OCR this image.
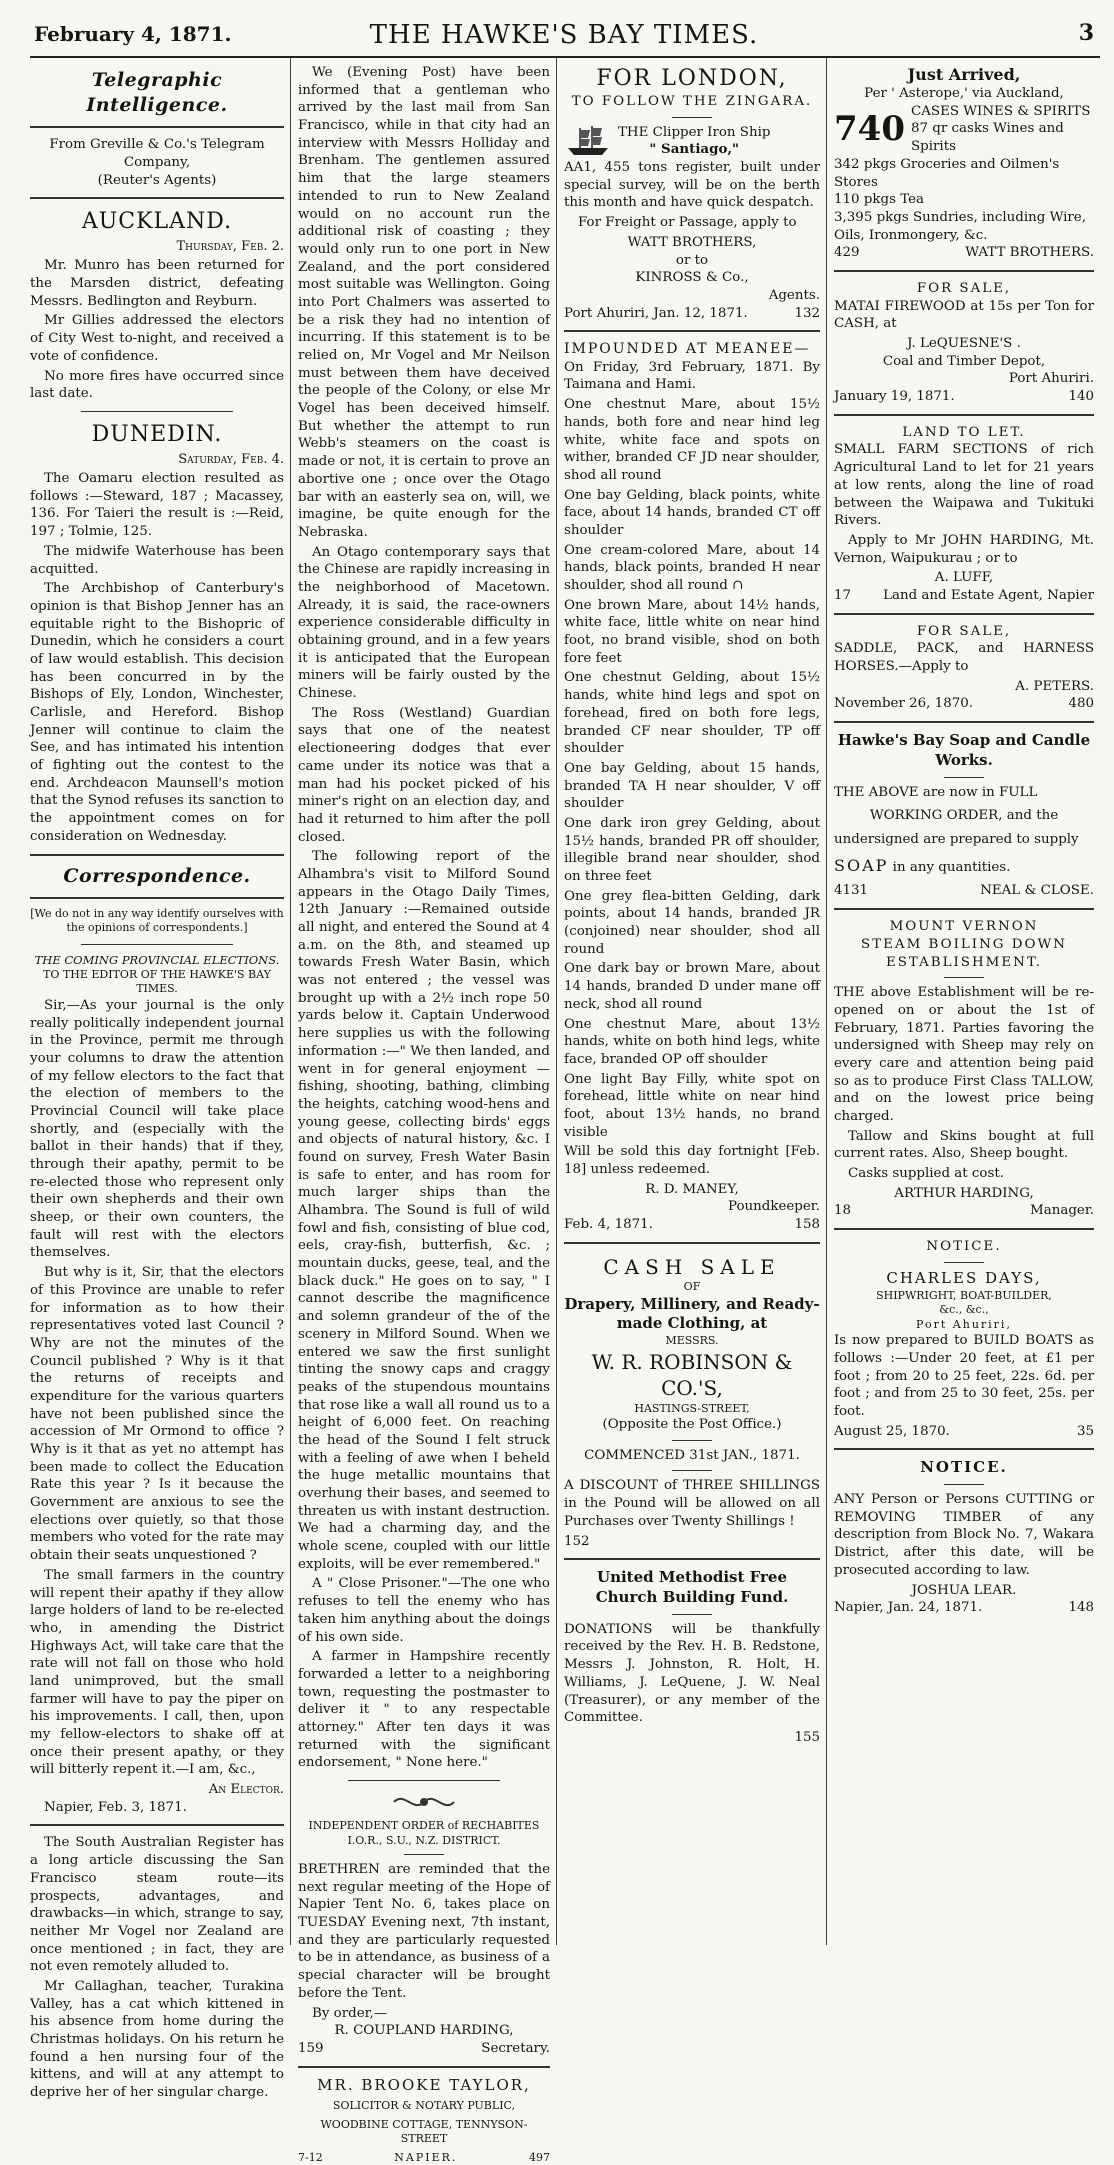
February 4, 1871.	THE HAWKE'S BAY TIMES.	3
Telegraphic Intelligence.
From Greville & Co.'s Telegram Company,
(Reuter's Agents)
AUCKLAND.
Thursday, Feb. 2.

Mr. Munro has been returned for the Marsden district, defeating Messrs. Bedlington and Reyburn.

Mr Gillies addressed the electors of City West to-night, and received a vote of confidence.

No more fires have occurred since last date.

DUNEDIN.
Saturday, Feb. 4.

The Oamaru election resulted as follows :—Steward, 187 ; Macassey, 136. For Taieri the result is :—Reid, 197 ; Tolmie, 125.

The midwife Waterhouse has been acquitted.

The Archbishop of Canterbury's opinion is that Bishop Jenner has an equitable right to the Bishopric of Dunedin, which he considers a court of law would establish. This decision has been concurred in by the Bishops of Ely, London, Winchester, Carlisle, and Hereford. Bishop Jenner will continue to claim the See, and has intimated his intention of fighting out the contest to the end. Archdeacon Maunsell's motion that the Synod refuses its sanction to the appointment comes on for consideration on Wednesday.

Correspondence.
[We do not in any way identify ourselves with the opinions of correspondents.]
THE COMING PROVINCIAL ELECTIONS.
TO THE EDITOR OF THE HAWKE'S BAY TIMES.

Sir,—As your journal is the only really politically independent journal in the Province, permit me through your columns to draw the attention of my fellow electors to the fact that the election of members to the Provincial Council will take place shortly, and (especially with the ballot in their hands) that if they, through their apathy, permit to be re-elected those who represent only their own shepherds and their own sheep, or their own counters, the fault will rest with the electors themselves.

But why is it, Sir, that the electors of this Province are unable to refer for information as to how their representatives voted last Council ? Why are not the minutes of the Council published ? Why is it that the returns of receipts and expenditure for the various quarters have not been published since the accession of Mr Ormond to office ? Why is it that as yet no attempt has been made to collect the Education Rate this year ? Is it because the Government are anxious to see the elections over quietly, so that those members who voted for the rate may obtain their seats unquestioned ?

The small farmers in the country will repent their apathy if they allow large holders of land to be re-elected who, in amending the District Highways Act, will take care that the rate will not fall on those who hold land unimproved, but the small farmer will have to pay the piper on his improvements. I call, then, upon my fellow-electors to shake off at once their present apathy, or they will bitterly repent it.—I am, &c.,

An Elector.
Napier, Feb. 3, 1871.

The South Australian Register has a long article discussing the San Francisco steam route—its prospects, advantages, and drawbacks—in which, strange to say, neither Mr Vogel nor Zealand are once mentioned ; in fact, they are not even remotely alluded to.

Mr Callaghan, teacher, Turakina Valley, has a cat which kittened in his absence from home during the Christmas holidays. On his return he found a hen nursing four of the kittens, and will at any attempt to deprive her of her singular charge.

We (Evening Post) have been informed that a gentleman who arrived by the last mail from San Francisco, while in that city had an interview with Messrs Holliday and Brenham. The gentlemen assured him that the large steamers intended to run to New Zealand would on no account run the additional risk of coasting ; they would only run to one port in New Zealand, and the port considered most suitable was Wellington. Going into Port Chalmers was asserted to be a risk they had no intention of incurring. If this statement is to be relied on, Mr Vogel and Mr Neilson must between them have deceived the people of the Colony, or else Mr Vogel has been deceived himself. But whether the attempt to run Webb's steamers on the coast is made or not, it is certain to prove an abortive one ; once over the Otago bar with an easterly sea on, will, we imagine, be quite enough for the Nebraska.

An Otago contemporary says that the Chinese are rapidly increasing in the neighborhood of Macetown. Already, it is said, the race-owners experience considerable difficulty in obtaining ground, and in a few years it is anticipated that the European miners will be fairly ousted by the Chinese.

The Ross (Westland) Guardian says that one of the neatest electioneering dodges that ever came under its notice was that a man had his pocket picked of his miner's right on an election day, and had it returned to him after the poll closed.

The following report of the Alhambra's visit to Milford Sound appears in the Otago Daily Times, 12th January :—Remained outside all night, and entered the Sound at 4 a.m. on the 8th, and steamed up towards Fresh Water Basin, which was not entered ; the vessel was brought up with a 2½ inch rope 50 yards below it. Captain Underwood here supplies us with the following information :—" We then landed, and went in for general enjoyment — fishing, shooting, bathing, climbing the heights, catching wood-hens and young geese, collecting birds' eggs and objects of natural history, &c. I found on survey, Fresh Water Basin is safe to enter, and has room for much larger ships than the Alhambra. The Sound is full of wild fowl and fish, consisting of blue cod, eels, cray-fish, butterfish, &c. ; mountain ducks, geese, teal, and the black duck." He goes on to say, " I cannot describe the magnificence and solemn grandeur of the of the scenery in Milford Sound. When we entered we saw the first sunlight tinting the snowy caps and craggy peaks of the stupendous mountains that rose like a wall all round us to a height of 6,000 feet. On reaching the head of the Sound I felt struck with a feeling of awe when I beheld the huge metallic mountains that overhung their bases, and seemed to threaten us with instant destruction. We had a charming day, and the whole scene, coupled with our little exploits, will be ever remembered."

A " Close Prisoner."—The one who refuses to tell the enemy who has taken him anything about the doings of his own side.

A farmer in Hampshire recently forwarded a letter to a neighboring town, requesting the postmaster to deliver it " to any respectable attorney." After ten days it was returned with the significant endorsement, " None here."

INDEPENDENT ORDER of RECHABITES
I.O.R., S.U., N.Z. DISTRICT.

BRETHREN are reminded that the next regular meeting of the Hope of Napier Tent No. 6, takes place on TUESDAY Evening next, 7th instant, and they are particularly requested to be in attendance, as business of a special character will be brought before the Tent.

By order,—
R. COUPLAND HARDING,
159	Secretary.
MR. BROOKE TAYLOR,
SOLICITOR & NOTARY PUBLIC,
WOODBINE COTTAGE, TENNYSON-STREET
7-12	NAPIER.	497
FOR LONDON,
TO FOLLOW THE ZINGARA.
THE Clipper Iron Ship
" Santiago,"

AA1, 455 tons register, built under special survey, will be on the berth this month and have quick despatch.

For Freight or Passage, apply to

WATT BROTHERS,
or to
KINROSS & Co.,
Agents.
Port Ahuriri, Jan. 12, 1871.	132
IMPOUNDED AT MEANEE—

On Friday, 3rd February, 1871. By Taimana and Hami.

One chestnut Mare, about 15½ hands, both fore and near hind leg white, white face and spots on wither, branded CF JD near shoulder, shod all round

One bay Gelding, black points, white face, about 14 hands, branded CT off shoulder

One cream-colored Mare, about 14 hands, black points, branded H near shoulder, shod all round ∩

One brown Mare, about 14½ hands, white face, little white on near hind foot, no brand visible, shod on both fore feet

One chestnut Gelding, about 15½ hands, white hind legs and spot on forehead, fired on both fore legs, branded CF near shoulder, TP off shoulder

One bay Gelding, about 15 hands, branded TA H near shoulder, V off shoulder

One dark iron grey Gelding, about 15½ hands, branded PR off shoulder, illegible brand near shoulder, shod on three feet

One grey flea-bitten Gelding, dark points, about 14 hands, branded JR (conjoined) near shoulder, shod all round

One dark bay or brown Mare, about 14 hands, branded D under mane off neck, shod all round

One chestnut Mare, about 13½ hands, white on both hind legs, white face, branded OP off shoulder

One light Bay Filly, white spot on forehead, little white on near hind foot, about 13½ hands, no brand visible

Will be sold this day fortnight [Feb. 18] unless redeemed.

R. D. MANEY,
Poundkeeper.
Feb. 4, 1871.	158
CASH SALE
OF
Drapery, Millinery, and Ready-made Clothing, at
MESSRS.
W. R. ROBINSON & CO.'S,
HASTINGS-STREET,
(Opposite the Post Office.)
COMMENCED 31st JAN., 1871.

A DISCOUNT of THREE SHILLINGS in the Pound will be allowed on all Purchases over Twenty Shillings !

152
United Methodist Free Church Building Fund.

DONATIONS will be thankfully received by the Rev. H. B. Redstone, Messrs J. Johnston, R. Holt, H. Williams, J. LeQuene, J. W. Neal (Treasurer), or any member of the Committee.

155
Just Arrived,
Per ' Asterope,' via Auckland,
740 CASES WINES & SPIRITS
87 qr casks Wines and Spirits
342 pkgs Groceries and Oilmen's Stores
110 pkgs Tea
3,395 pkgs Sundries, including Wire, Oils, Ironmongery, &c.
429	WATT BROTHERS.
FOR SALE,

MATAI FIREWOOD at 15s per Ton for CASH, at

J. LeQUESNE'S .
Coal and Timber Depot,
Port Ahuriri.
January 19, 1871.	140
LAND TO LET.

SMALL FARM SECTIONS of rich Agricultural Land to let for 21 years at low rents, along the line of road between the Waipawa and Tukituki Rivers.

Apply to Mr JOHN HARDING, Mt. Vernon, Waipukurau ; or to

A. LUFF,
17 Land and Estate Agent, Napier
FOR SALE,

SADDLE, PACK, and HARNESS HORSES.—Apply to

A. PETERS.
November 26, 1870.	480
Hawke's Bay Soap and Candle Works.
THE ABOVE are now in FULL
WORKING ORDER, and the
undersigned are prepared to supply
SOAP in any quantities.
4131	NEAL & CLOSE.
MOUNT VERNON
STEAM BOILING DOWN
ESTABLISHMENT.

THE above Establishment will be re-opened on or about the 1st of February, 1871. Parties favoring the undersigned with Sheep may rely on every care and attention being paid so as to produce First Class TALLOW, and on the lowest price being charged.

Tallow and Skins bought at full current rates. Also, Sheep bought.

Casks supplied at cost.

ARTHUR HARDING,
18	Manager.
NOTICE.
CHARLES DAYS,
SHIPWRIGHT, BOAT-BUILDER,
&c., &c.,
Port Ahuriri,

Is now prepared to BUILD BOATS as follows :—Under 20 feet, at £1 per foot ; from 20 to 25 feet, 22s. 6d. per foot ; and from 25 to 30 feet, 25s. per foot.

August 25, 1870.	35
NOTICE.

ANY Person or Persons CUTTING or REMOVING TIMBER of any description from Block No. 7, Wakara District, after this date, will be prosecuted according to law.

JOSHUA LEAR.
Napier, Jan. 24, 1871.	148
